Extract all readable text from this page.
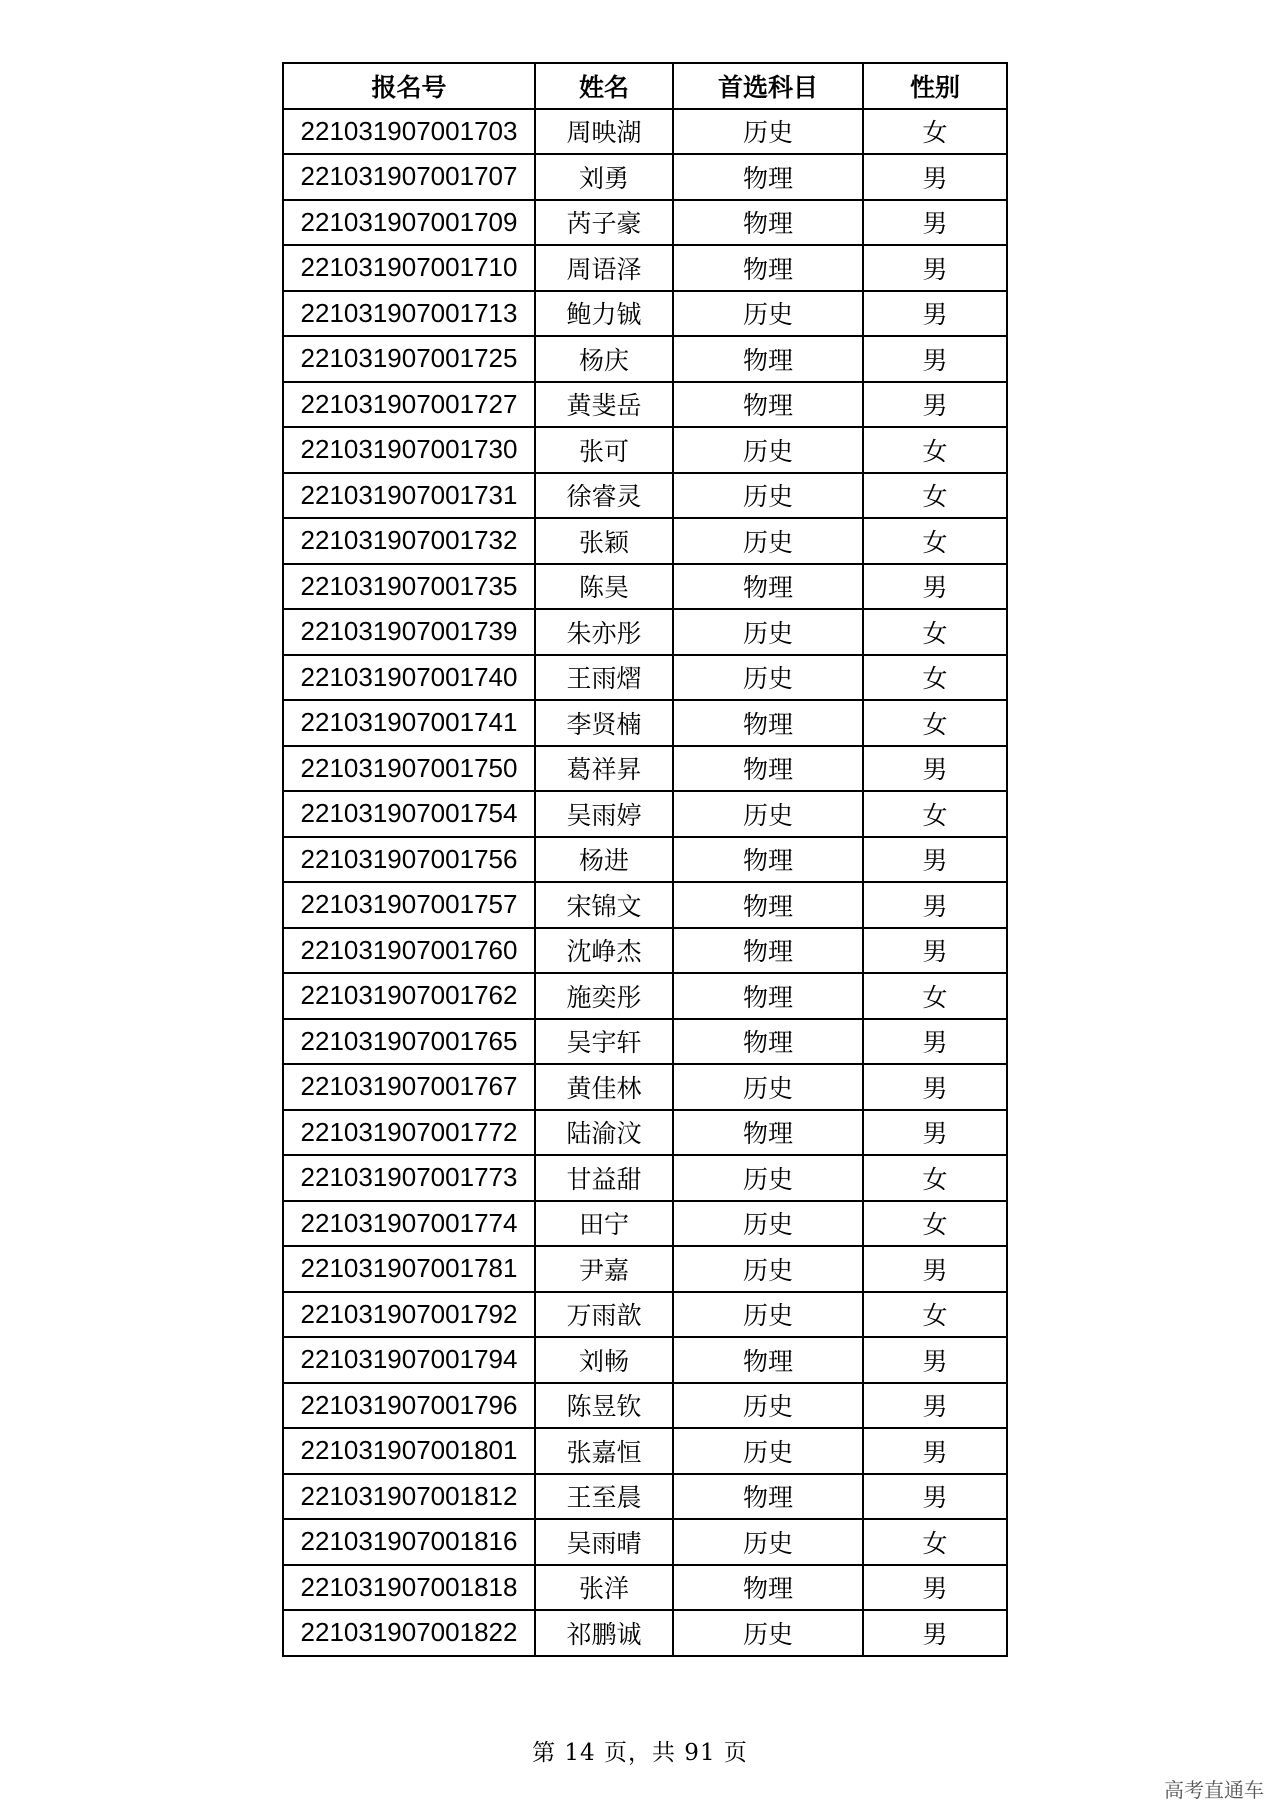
报名号	姓名	首选科目	性别
221031907001703	周映湖	历史	女
221031907001707	刘勇	物理	男
221031907001709	芮子豪	物理	男
221031907001710	周语泽	物理	男
221031907001713	鲍力铖	历史	男
221031907001725	杨庆	物理	男
221031907001727	黄斐岳	物理	男
221031907001730	张可	历史	女
221031907001731	徐睿灵	历史	女
221031907001732	张颖	历史	女
221031907001735	陈昊	物理	男
221031907001739	朱亦彤	历史	女
221031907001740	王雨熠	历史	女
221031907001741	李贤楠	物理	女
221031907001750	葛祥昇	物理	男
221031907001754	吴雨婷	历史	女
221031907001756	杨进	物理	男
221031907001757	宋锦文	物理	男
221031907001760	沈峥杰	物理	男
221031907001762	施奕彤	物理	女
221031907001765	吴宇轩	物理	男
221031907001767	黄佳林	历史	男
221031907001772	陆渝汶	物理	男
221031907001773	甘益甜	历史	女
221031907001774	田宁	历史	女
221031907001781	尹嘉	历史	男
221031907001792	万雨歆	历史	女
221031907001794	刘畅	物理	男
221031907001796	陈昱钦	历史	男
221031907001801	张嘉恒	历史	男
221031907001812	王至晨	物理	男
221031907001816	吴雨晴	历史	女
221031907001818	张洋	物理	男
221031907001822	祁鹏诚	历史	男
第 14 页，共 91 页
高考直通车
